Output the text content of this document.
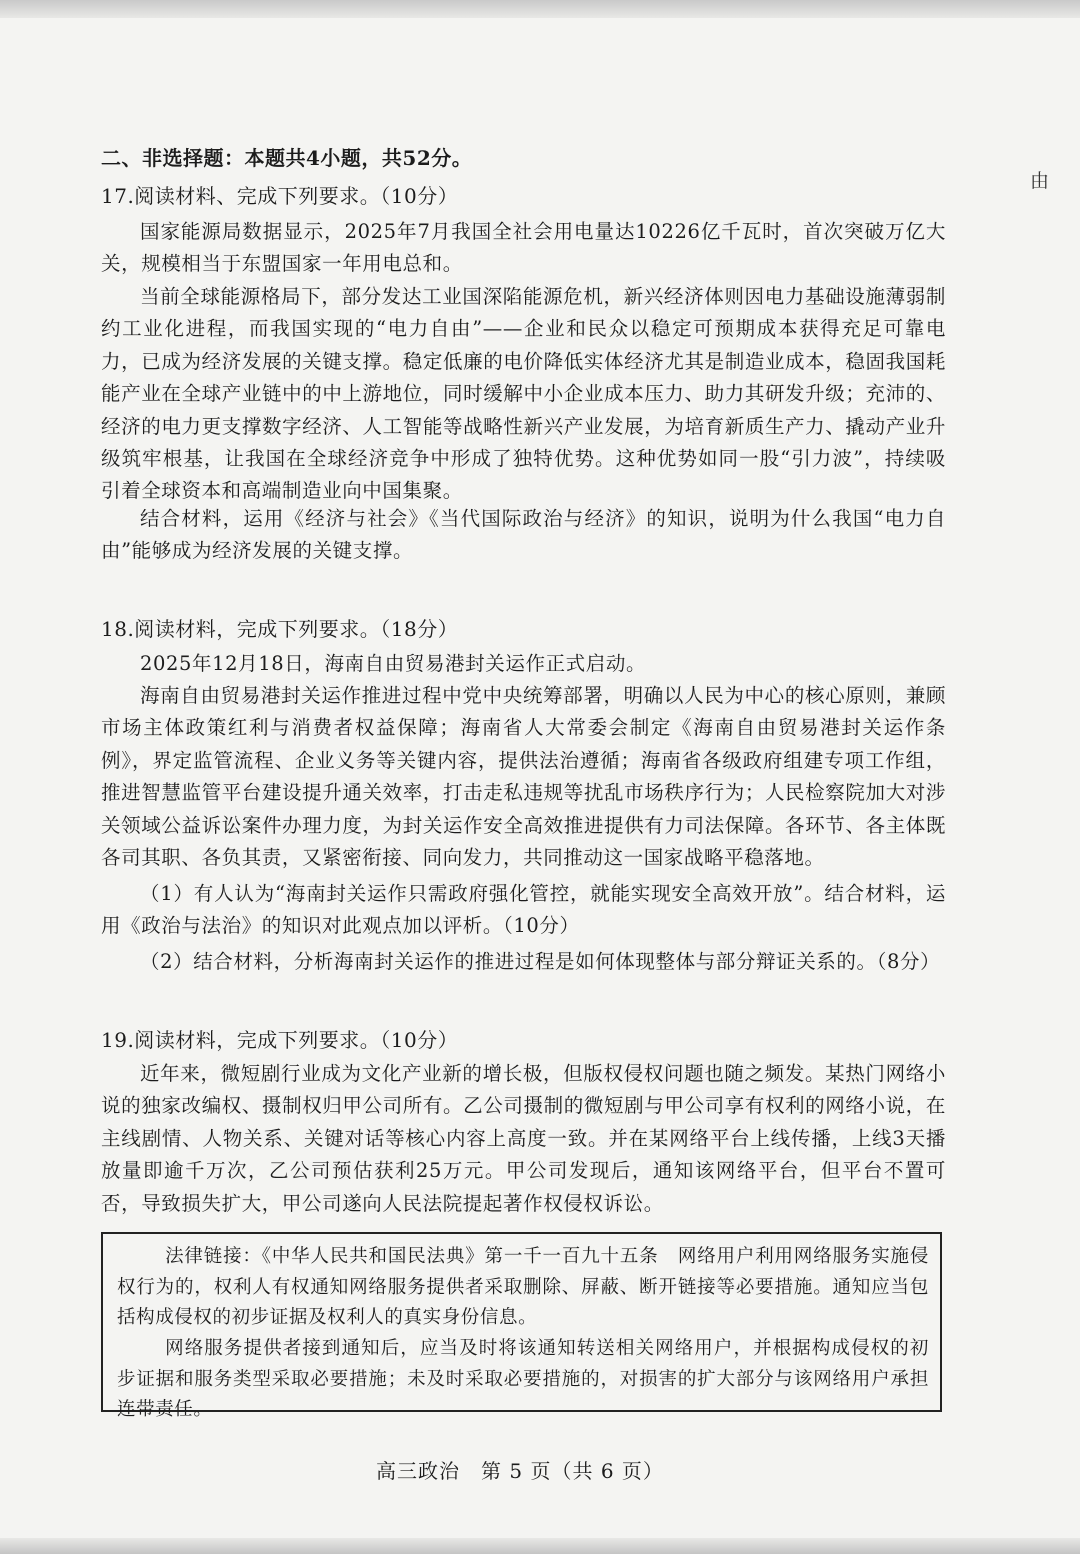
由
二、非选择题：本题共4小题，共52分。
17.阅读材料、完成下列要求。（10分）
国家能源局数据显示，2025年7月我国全社会用电量达10226亿千瓦时，首次突破万亿大关，规模相当于东盟国家一年用电总和。
当前全球能源格局下，部分发达工业国深陷能源危机，新兴经济体则因电力基础设施薄弱制约工业化进程，而我国实现的“电力自由”——企业和民众以稳定可预期成本获得充足可靠电力，已成为经济发展的关键支撑。稳定低廉的电价降低实体经济尤其是制造业成本，稳固我国耗能产业在全球产业链中的中上游地位，同时缓解中小企业成本压力、助力其研发升级；充沛的、经济的电力更支撑数字经济、人工智能等战略性新兴产业发展，为培育新质生产力、撬动产业升级筑牢根基，让我国在全球经济竞争中形成了独特优势。这种优势如同一股“引力波”，持续吸引着全球资本和高端制造业向中国集聚。
结合材料，运用《经济与社会》《当代国际政治与经济》的知识，说明为什么我国“电力自由”能够成为经济发展的关键支撑。
18.阅读材料，完成下列要求。（18分）
2025年12月18日，海南自由贸易港封关运作正式启动。
海南自由贸易港封关运作推进过程中党中央统筹部署，明确以人民为中心的核心原则，兼顾市场主体政策红利与消费者权益保障；海南省人大常委会制定《海南自由贸易港封关运作条例》，界定监管流程、企业义务等关键内容，提供法治遵循；海南省各级政府组建专项工作组，推进智慧监管平台建设提升通关效率，打击走私违规等扰乱市场秩序行为；人民检察院加大对涉关领域公益诉讼案件办理力度，为封关运作安全高效推进提供有力司法保障。各环节、各主体既各司其职、各负其责，又紧密衔接、同向发力，共同推动这一国家战略平稳落地。
（1）有人认为“海南封关运作只需政府强化管控，就能实现安全高效开放”。结合材料，运用《政治与法治》的知识对此观点加以评析。（10分）
（2）结合材料，分析海南封关运作的推进过程是如何体现整体与部分辩证关系的。（8分）
19.阅读材料，完成下列要求。（10分）
近年来，微短剧行业成为文化产业新的增长极，但版权侵权问题也随之频发。某热门网络小说的独家改编权、摄制权归甲公司所有。乙公司摄制的微短剧与甲公司享有权利的网络小说，在主线剧情、人物关系、关键对话等核心内容上高度一致。并在某网络平台上线传播，上线3天播放量即逾千万次，乙公司预估获利25万元。甲公司发现后，通知该网络平台，但平台不置可否，导致损失扩大，甲公司遂向人民法院提起著作权侵权诉讼。
法律链接：《中华人民共和国民法典》第一千一百九十五条　网络用户利用网络服务实施侵权行为的，权利人有权通知网络服务提供者采取删除、屏蔽、断开链接等必要措施。通知应当包括构成侵权的初步证据及权利人的真实身份信息。
网络服务提供者接到通知后，应当及时将该通知转送相关网络用户，并根据构成侵权的初步证据和服务类型采取必要措施；未及时采取必要措施的，对损害的扩大部分与该网络用户承担连带责任。
高三政治　第 5 页（共 6 页）
